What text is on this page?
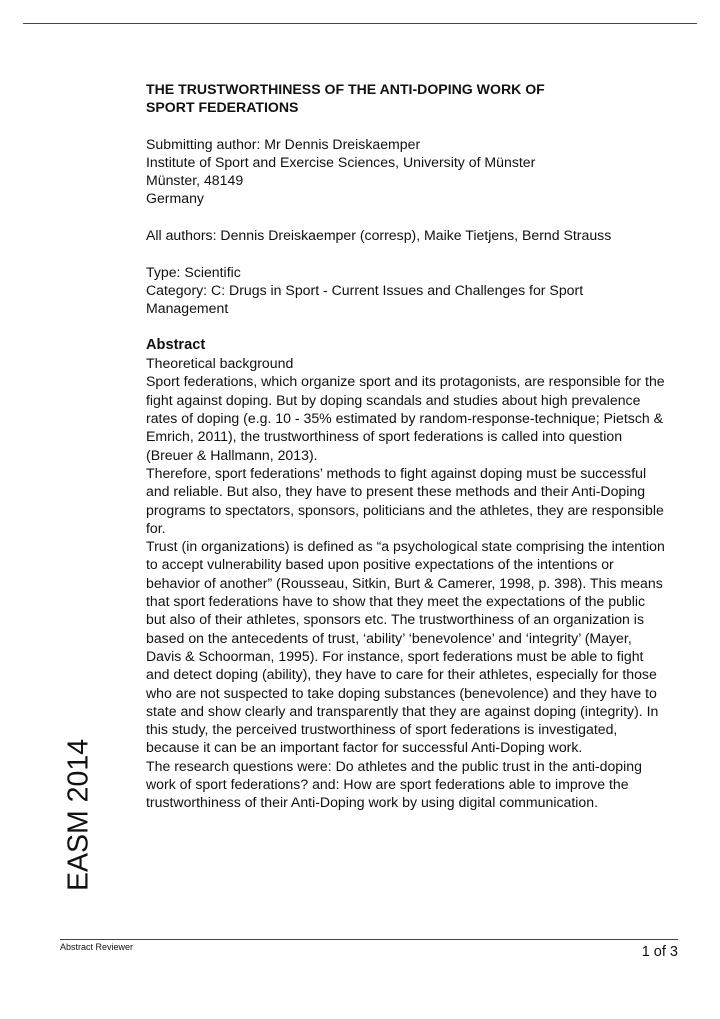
EASM 2014

THE TRUSTWORTHINESS OF THE ANTI-DOPING WORK OF
SPORT FEDERATIONS

Submitting author: Mr Dennis Dreiskaemper
Institute of Sport and Exercise Sciences, University of Münster
Münster, 48149
Germany

All authors: Dennis Dreiskaemper (corresp), Maike Tietjens, Bernd Strauss

Type: Scientific
Category: C: Drugs in Sport - Current Issues and Challenges for Sport Management

Abstract

Theoretical background

Sport federations, which organize sport and its protagonists, are responsible for the fight against doping. But by doping scandals and studies about high prevalence rates of doping (e.g. 10 - 35% estimated by random-response-technique; Pietsch & Emrich, 2011), the trustworthiness of sport federations is called into question (Breuer & Hallmann, 2013).

Therefore, sport federations’ methods to fight against doping must be successful and reliable. But also, they have to present these methods and their Anti-Doping programs to spectators, sponsors, politicians and the athletes, they are responsible for.

Trust (in organizations) is defined as “a psychological state comprising the intention to accept vulnerability based upon positive expectations of the intentions or behavior of another” (Rousseau, Sitkin, Burt & Camerer, 1998, p. 398). This means that sport federations have to show that they meet the expectations of the public but also of their athletes, sponsors etc. The trustworthiness of an organization is based on the antecedents of trust, ‘ability’ ‘benevolence’ and ‘integrity’ (Mayer, Davis & Schoorman, 1995). For instance, sport federations must be able to fight and detect doping (ability), they have to care for their athletes, especially for those who are not suspected to take doping substances (benevolence) and they have to state and show clearly and transparently that they are against doping (integrity). In this study, the perceived trustworthiness of sport federations is investigated, because it can be an important factor for successful Anti-Doping work.

The research questions were: Do athletes and the public trust in the anti-doping work of sport federations? and: How are sport federations able to improve the trustworthiness of their Anti-Doping work by using digital communication.

Abstract Reviewer	1 of 3
